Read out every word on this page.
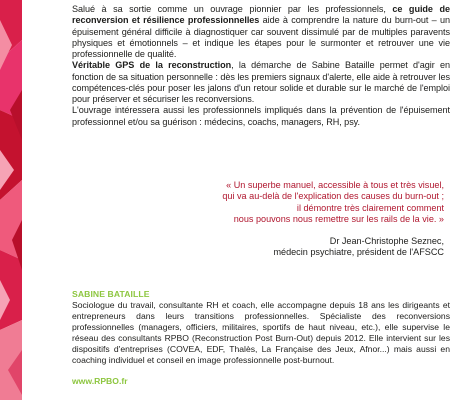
Salué à sa sortie comme un ouvrage pionnier par les professionnels, ce guide de reconversion et résilience professionnelles aide à comprendre la nature du burn-out – un épuisement général difficile à diagnostiquer car souvent dissimulé par de multiples paravents physiques et émotionnels – et indique les étapes pour le surmonter et retrouver une vie professionnelle de qualité.

Véritable GPS de la reconstruction, la démarche de Sabine Bataille permet d'agir en fonction de sa situation personnelle : dès les premiers signaux d'alerte, elle aide à retrouver les compétences-clés pour poser les jalons d'un retour solide et durable sur le marché de l'emploi pour préserver et sécuriser les reconversions.

L'ouvrage intéressera aussi les professionnels impliqués dans la prévention de l'épuisement professionnel et/ou sa guérison : médecins, coachs, managers, RH, psy.

« Un superbe manuel, accessible à tous et très visuel,
qui va au-delà de l'explication des causes du burn-out ;
il démontre très clairement comment
nous pouvons nous remettre sur les rails de la vie. »
Dr Jean-Christophe Seznec,
médecin psychiatre, président de l'AFSCC
SABINE BATAILLE

Sociologue du travail, consultante RH et coach, elle accompagne depuis 18 ans les dirigeants et entrepreneurs dans leurs transitions professionnelles. Spécialiste des reconversions professionnelles (managers, officiers, militaires, sportifs de haut niveau, etc.), elle supervise le réseau des consultants RPBO (Reconstruction Post Burn-Out) depuis 2012. Elle intervient sur les dispositifs d'entreprises (COVEA, EDF, Thalès, La Française des Jeux, Afnor...) mais aussi en coaching individuel et conseil en image professionnelle post-burnout.

www.RPBO.fr
